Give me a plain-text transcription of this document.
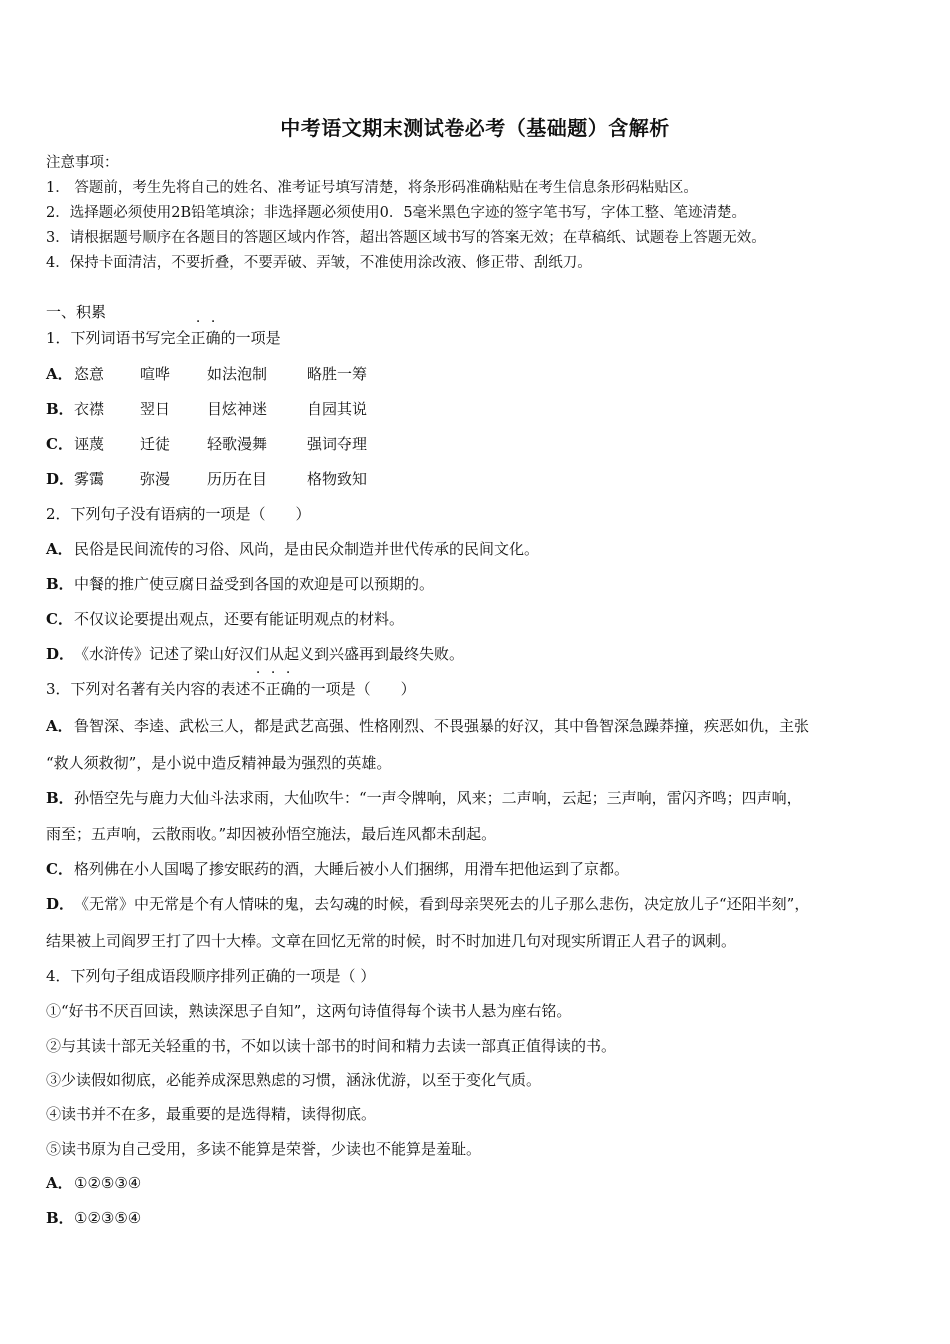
中考语文期末测试卷必考（基础题）含解析
注意事项：
1． 答题前，考生先将自己的姓名、准考证号填写清楚，将条形码准确粘贴在考生信息条形码粘贴区。
2．选择题必须使用2B铅笔填涂；非选择题必须使用0．5毫米黑色字迹的签字笔书写，字体工整、笔迹清楚。
3．请根据题号顺序在各题目的答题区域内作答，超出答题区域书写的答案无效；在草稿纸、试题卷上答题无效。
4．保持卡面清洁，不要折叠，不要弄破、弄皱，不准使用涂改液、修正带、刮纸刀。
一、积累
1．下列词语书写完全正确的一项是
A．恣意 喧哗 如法泡制	略胜一筹
B．衣襟 翌日 目炫神迷	自园其说
C．诬蔑 迁徒 轻歌漫舞	强词夺理
D．雾霭 弥漫 历历在目	格物致知
2．下列句子没有语病的一项是（　　）
A．民俗是民间流传的习俗、风尚，是由民众制造并世代传承的民间文化。
B．中餐的推广使豆腐日益受到各国的欢迎是可以预期的。
C．不仅议论要提出观点，还要有能证明观点的材料。
D．《水浒传》记述了梁山好汉们从起义到兴盛再到最终失败。
3．下列对名著有关内容的表述不正确的一项是（　　）
A．鲁智深、李逵、武松三人，都是武艺高强、性格刚烈、不畏强暴的好汉，其中鲁智深急躁莽撞，疾恶如仇，主张
“救人须救彻”，是小说中造反精神最为强烈的英雄。
B．孙悟空先与鹿力大仙斗法求雨，大仙吹牛：“一声令牌响，风来；二声响，云起；三声响，雷闪齐鸣；四声响，
雨至；五声响，云散雨收。”却因被孙悟空施法，最后连风都未刮起。
C．格列佛在小人国喝了掺安眠药的酒，大睡后被小人们捆绑，用滑车把他运到了京都。
D．《无常》中无常是个有人情味的鬼，去勾魂的时候，看到母亲哭死去的儿子那么悲伤，决定放儿子“还阳半刻”，
结果被上司阎罗王打了四十大棒。文章在回忆无常的时候，时不时加进几句对现实所谓正人君子的讽刺。
4．下列句子组成语段顺序排列正确的一项是（ ）
①“好书不厌百回读，熟读深思子自知”，这两句诗值得每个读书人悬为座右铭。
②与其读十部无关轻重的书，不如以读十部书的时间和精力去读一部真正值得读的书。
③少读假如彻底，必能养成深思熟虑的习惯，涵泳优游，以至于变化气质。
④读书并不在多，最重要的是选得精，读得彻底。
⑤读书原为自己受用，多读不能算是荣誉，少读也不能算是羞耻。
A．①②⑤③④
B．①②③⑤④
